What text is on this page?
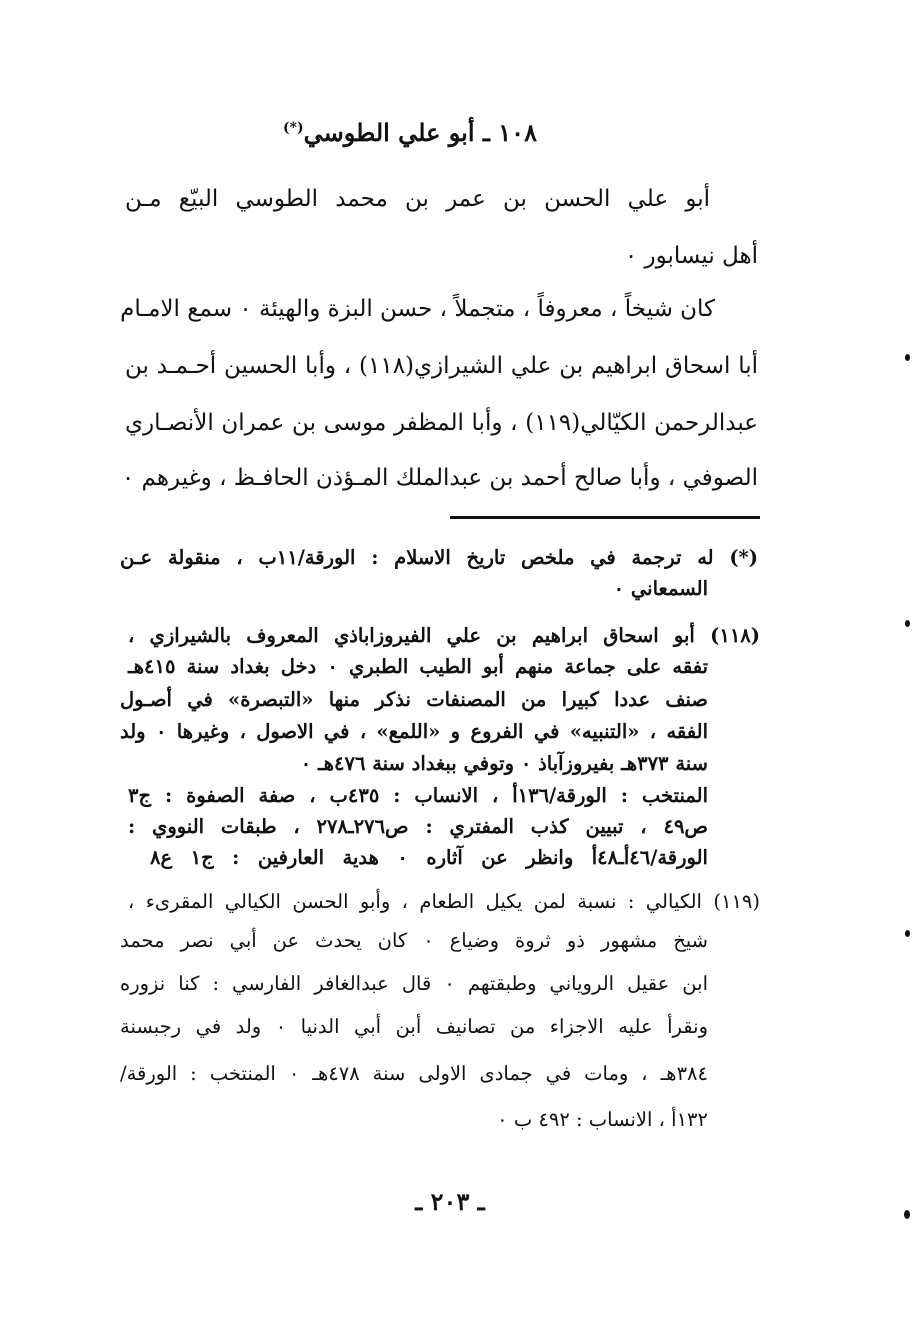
١٠٨ ـ أبو علي الطوسي(*)
أبو علي الحسن بن عمر بن محمد الطوسي البيّع مـن
أهل نيسابور ٠
كان شيخاً ، معروفاً ، متجملاً ، حسن البزة والهيئة ٠ سمع الامـام
أبا اسحاق ابراهيم بن علي الشيرازي(١١٨) ، وأبا الحسين أحـمـد بن
عبدالرحمن الكيّالي(١١٩) ، وأبا المظفر موسى بن عمران الأنصـاري
الصوفي ، وأبا صالح أحمد بن عبدالملك المـؤذن الحافـظ ، وغيرهم ٠
(*) له ترجمة في ملخص تاريخ الاسلام : الورقة/١١ب ، منقولة عـن
السمعاني ٠
(١١٨) أبو اسحاق ابراهيم بن علي الفيروزاباذي المعروف بالشيرازي ،
تفقه على جماعة منهم أبو الطيب الطبري ٠ دخل بغداد سنة ٤١٥هـ
صنف عددا كبيرا من المصنفات نذكر منها «التبصرة» في أصـول
الفقه ، «التنبيه» في الفروع و «اللمع» ، في الاصول ، وغيرها ٠ ولد
سنة ٣٧٣هـ بفيروزآباذ ٠ وتوفي ببغداد سنة ٤٧٦هـ ٠
المنتخب : الورقة/١٣٦أ ، الانساب : ٤٣٥ب ، صفة الصفوة : ج٣
ص٤٩ ، تبيين كذب المفتري : ص٢٧٦ـ٢٧٨ ، طبقات النووي :
الورقة/٤٦أـ٤٨أ وانظر عن آثاره ٠ هدية العارفين : ج١ ع٨
(١١٩) الكيالي : نسبة لمن يكيل الطعام ، وأبو الحسن الكيالي المقرىء ،
شيخ مشهور ذو ثروة وضياع ٠ كان يحدث عن أبي نصر محمد
ابن عقيل الروياني وطبقتهم ٠ قال عبدالغافر الفارسي : كنا نزوره
ونقرأ عليه الاجزاء من تصانيف أبن أبي الدنيا ٠ ولد في رجبسنة
٣٨٤هـ ، ومات في جمادى الاولى سنة ٤٧٨هـ ٠ المنتخب : الورقة/
١٣٢أ ، الانساب : ٤٩٢ ب ٠
ـ ٢٠٣ ـ
